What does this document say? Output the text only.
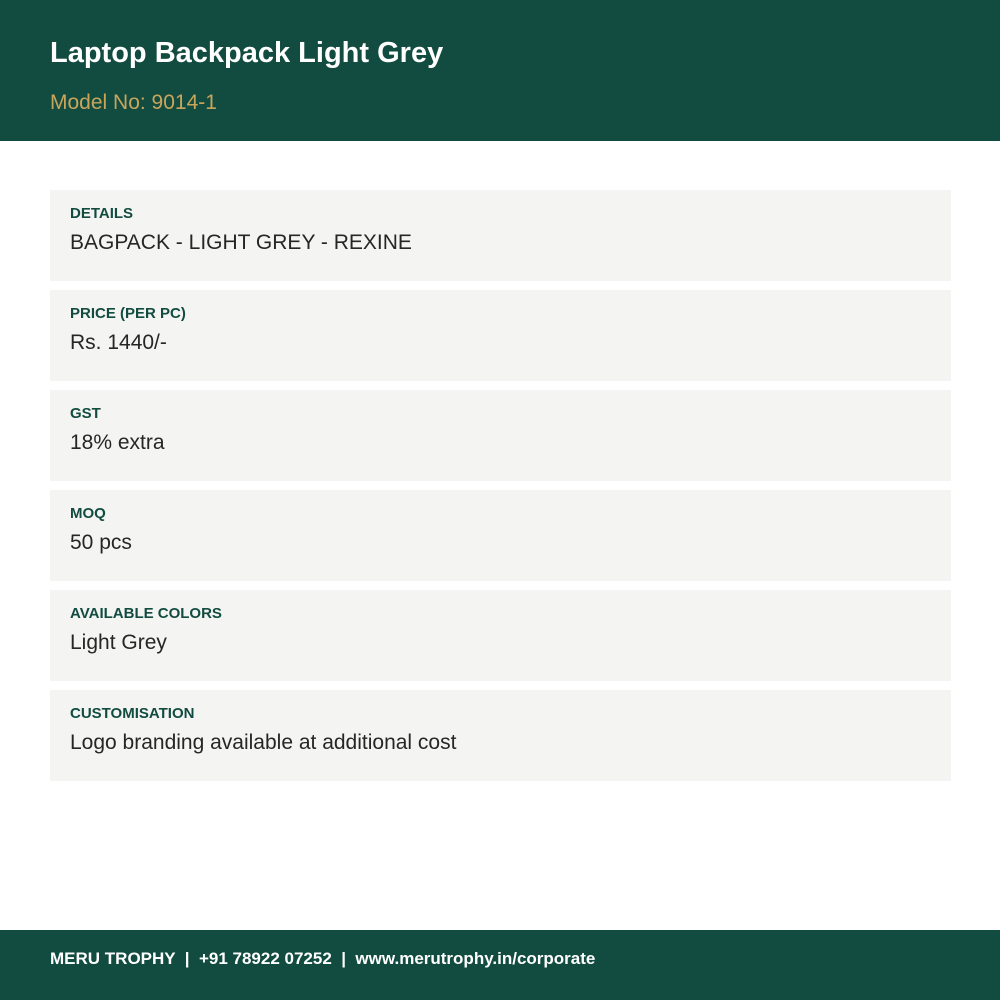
Laptop Backpack Light Grey
Model No: 9014-1
DETAILS
BAGPACK - LIGHT GREY - REXINE
PRICE (PER PC)
Rs. 1440/-
GST
18% extra
MOQ
50 pcs
AVAILABLE COLORS
Light Grey
CUSTOMISATION
Logo branding available at additional cost
MERU TROPHY  |  +91 78922 07252  |  www.merutrophy.in/corporate
